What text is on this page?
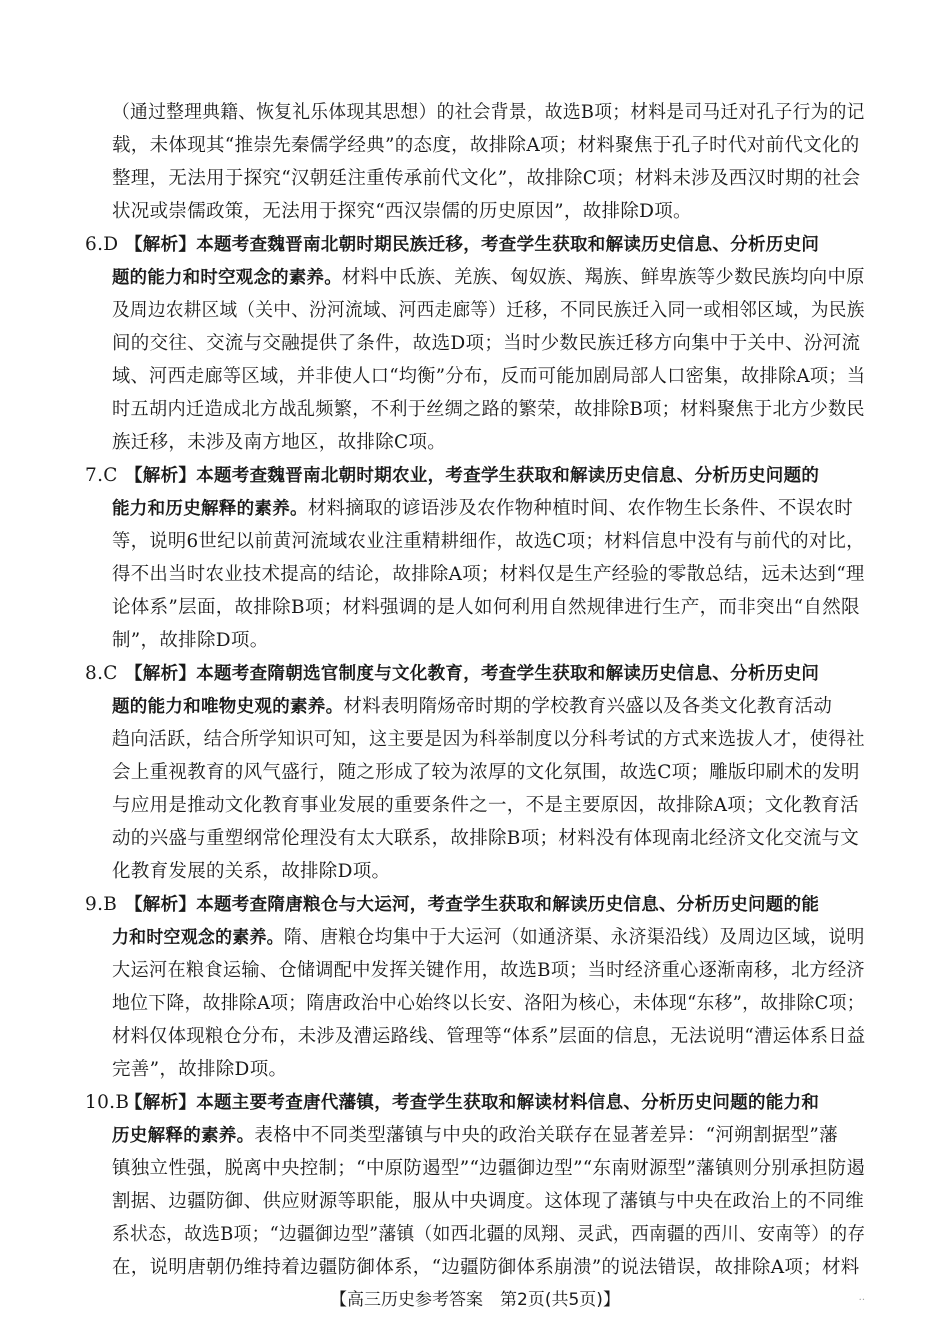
（通过整理典籍、恢复礼乐体现其思想）的社会背景，故选B项；材料是司马迁对孔子行为的记
载，未体现其“推崇先秦儒学经典”的态度，故排除A项；材料聚焦于孔子时代对前代文化的
整理，无法用于探究“汉朝廷注重传承前代文化”，故排除C项；材料未涉及西汉时期的社会
状况或崇儒政策，无法用于探究“西汉崇儒的历史原因”，故排除D项。
6.D 【解析】本题考查魏晋南北朝时期民族迁移，考查学生获取和解读历史信息、分析历史问
题的能力和时空观念的素养。材料中氐族、羌族、匈奴族、羯族、鲜卑族等少数民族均向中原
及周边农耕区域（关中、汾河流域、河西走廊等）迁移，不同民族迁入同一或相邻区域，为民族
间的交往、交流与交融提供了条件，故选D项；当时少数民族迁移方向集中于关中、汾河流
域、河西走廊等区域，并非使人口“均衡”分布，反而可能加剧局部人口密集，故排除A项；当
时五胡内迁造成北方战乱频繁，不利于丝绸之路的繁荣，故排除B项；材料聚焦于北方少数民
族迁移，未涉及南方地区，故排除C项。
7.C 【解析】本题考查魏晋南北朝时期农业，考查学生获取和解读历史信息、分析历史问题的
能力和历史解释的素养。材料摘取的谚语涉及农作物种植时间、农作物生长条件、不误农时
等，说明6世纪以前黄河流域农业注重精耕细作，故选C项；材料信息中没有与前代的对比，
得不出当时农业技术提高的结论，故排除A项；材料仅是生产经验的零散总结，远未达到“理
论体系”层面，故排除B项；材料强调的是人如何利用自然规律进行生产，而非突出“自然限
制”，故排除D项。
8.C 【解析】本题考查隋朝选官制度与文化教育，考查学生获取和解读历史信息、分析历史问
题的能力和唯物史观的素养。材料表明隋炀帝时期的学校教育兴盛以及各类文化教育活动
趋向活跃，结合所学知识可知，这主要是因为科举制度以分科考试的方式来选拔人才，使得社
会上重视教育的风气盛行，随之形成了较为浓厚的文化氛围，故选C项；雕版印刷术的发明
与应用是推动文化教育事业发展的重要条件之一，不是主要原因，故排除A项；文化教育活
动的兴盛与重塑纲常伦理没有太大联系，故排除B项；材料没有体现南北经济文化交流与文
化教育发展的关系，故排除D项。
9.B 【解析】本题考查隋唐粮仓与大运河，考查学生获取和解读历史信息、分析历史问题的能
力和时空观念的素养。隋、唐粮仓均集中于大运河（如通济渠、永济渠沿线）及周边区域，说明
大运河在粮食运输、仓储调配中发挥关键作用，故选B项；当时经济重心逐渐南移，北方经济
地位下降，故排除A项；隋唐政治中心始终以长安、洛阳为核心，未体现“东移”，故排除C项；
材料仅体现粮仓分布，未涉及漕运路线、管理等“体系”层面的信息，无法说明“漕运体系日益
完善”，故排除D项。
10.B【解析】本题主要考查唐代藩镇，考查学生获取和解读材料信息、分析历史问题的能力和
历史解释的素养。表格中不同类型藩镇与中央的政治关联存在显著差异：“河朔割据型”藩
镇独立性强，脱离中央控制；“中原防遏型”“边疆御边型”“东南财源型”藩镇则分别承担防遏
割据、边疆防御、供应财源等职能，服从中央调度。这体现了藩镇与中央在政治上的不同维
系状态，故选B项；“边疆御边型”藩镇（如西北疆的凤翔、灵武，西南疆的西川、安南等）的存
在，说明唐朝仍维持着边疆防御体系，“边疆防御体系崩溃”的说法错误，故排除A项；材料
【高三历史参考答案　第2页(共5页)】	..
